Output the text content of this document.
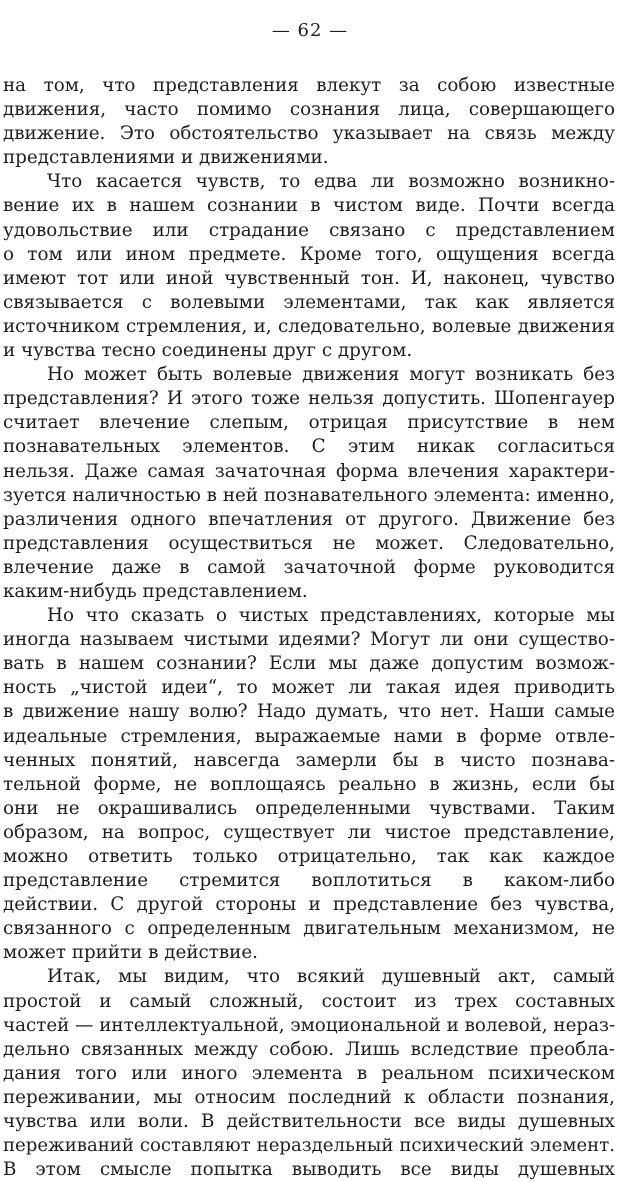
— 62 —

на том, что представления влекут за собою известные
движения, часто помимо сознания лица, совершающего
движение. Это обстоятельство указывает на связь между
представлениями и движениями.

Что касается чувств, то едва ли возможно возникно-
вение их в нашем сознании в чистом виде. Почти всегда
удовольствие или страдание связано с представлением
о том или ином предмете. Кроме того, ощущения всегда
имеют тот или иной чувственный тон. И, наконец, чувство
связывается с волевыми элементами, так как является
источником стремления, и, следовательно, волевые движения
и чувства тесно соединены друг с другом.

Но может быть волевые движения могут возникать без
представления? И этого тоже нельзя допустить. Шопенгауер
считает влечение слепым, отрицая присутствие в нем
познавательных элементов. С этим никак согласиться
нельзя. Даже самая зачаточная форма влечения характери-
зуется наличностью в ней познавательного элемента: именно,
различения одного впечатления от другого. Движение без
представления осуществиться не может. Следовательно,
влечение даже в самой зачаточной форме руководится
каким-нибудь представлением.

Но что сказать о чистых представлениях, которые мы
иногда называем чистыми идеями? Могут ли они существо-
вать в нашем сознании? Если мы даже допустим возмож-
ность „чистой идеи“, то может ли такая идея приводить
в движение нашу волю? Надо думать, что нет. Наши самые
идеальные стремления, выражаемые нами в форме отвле-
ченных понятий, навсегда замерли бы в чисто познава-
тельной форме, не воплощаясь реально в жизнь, если бы
они не окрашивались определенными чувствами. Таким
образом, на вопрос, существует ли чистое представление,
можно ответить только отрицательно, так как каждое
представление стремится воплотиться в каком-либо
действии. С другой стороны и представление без чувства,
связанного с определенным двигательным механизмом, не
может прийти в действие.

Итак, мы видим, что всякий душевный акт, самый
простой и самый сложный, состоит из трех составных
частей — интеллектуальной, эмоциональной и волевой, нераз-
дельно связанных между собою. Лишь вследствие преобла-
дания того или иного элемента в реальном психическом
переживании, мы относим последний к области познания,
чувства или воли. В действительности все виды душевных
переживаний составляют нераздельный психический элемент.
В этом смысле попытка выводить все виды душевных
